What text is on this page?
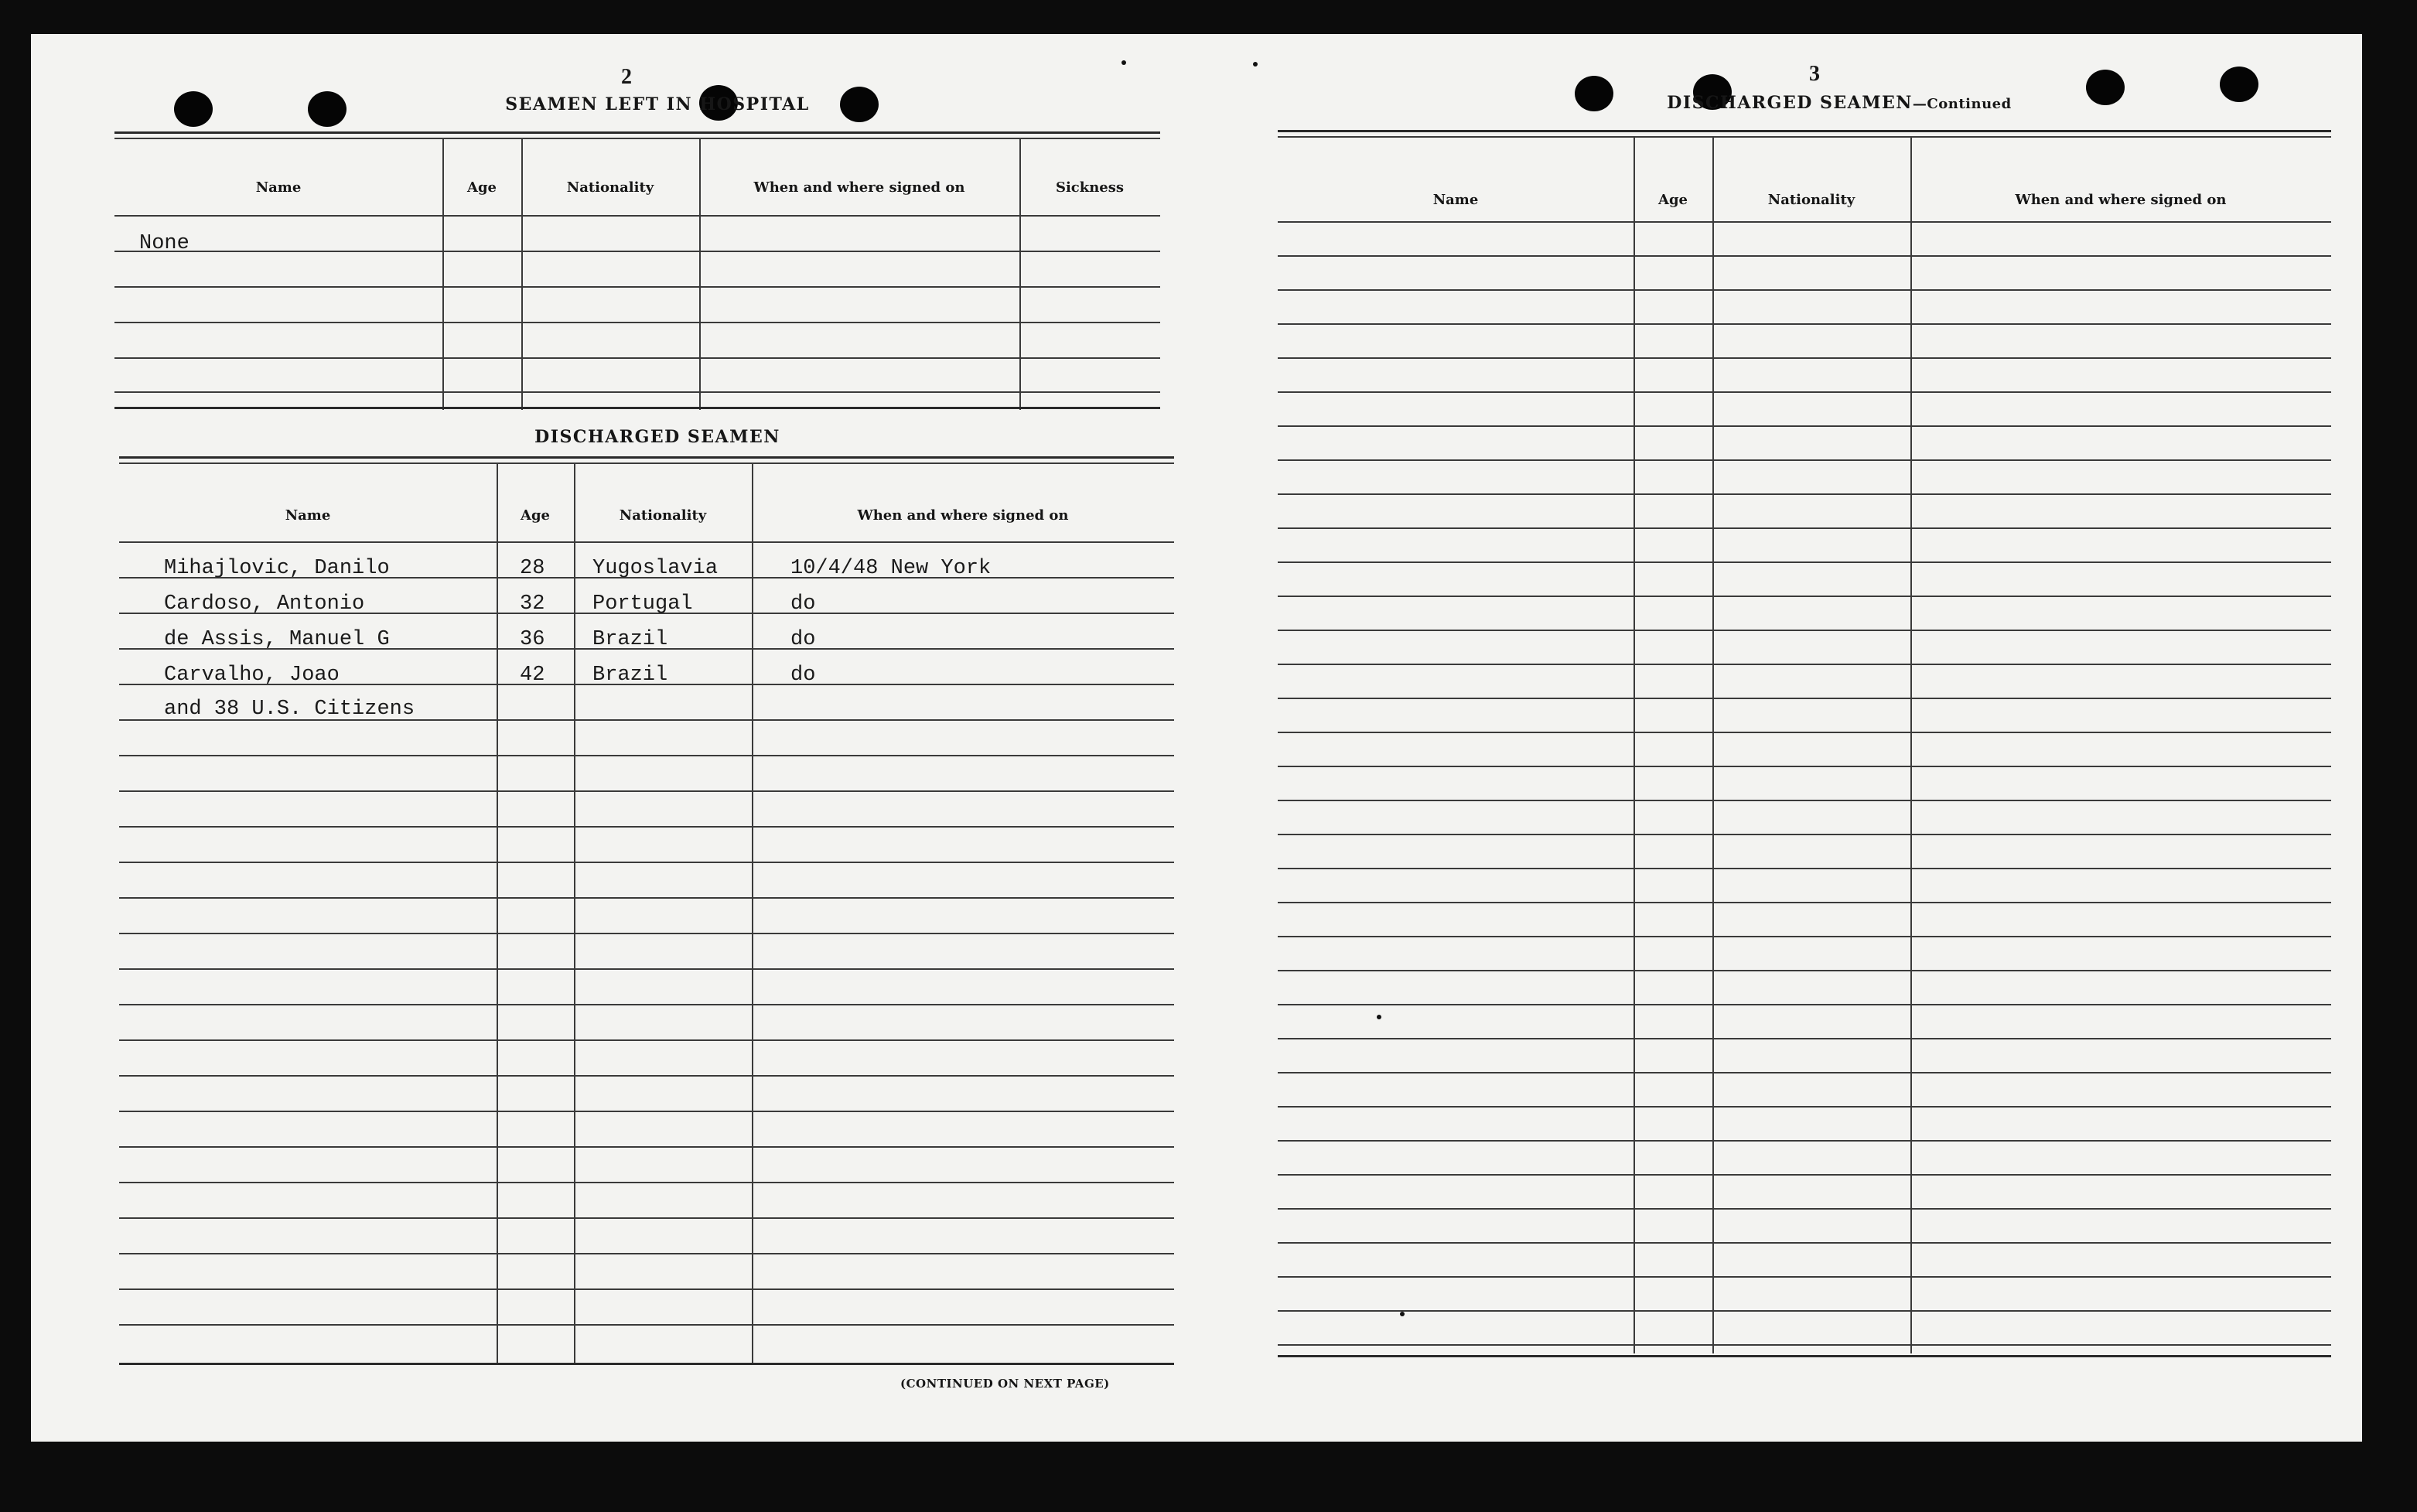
2
SEAMEN LEFT IN HOSPITAL
Name	Age	Nationality	When and where signed on	Sickness
None
DISCHARGED SEAMEN
Name	Age	Nationality	When and where signed on
Mihajlovic, Danilo	28 Yugoslavia	10/4/48 New York
Cardoso, Antonio	32 Portugal	do
de Assis, Manuel G	36 Brazil	do
Carvalho, Joao	42 Brazil	do
and 38 U.S. Citizens
(CONTINUED ON NEXT PAGE)
3
DISCHARGED SEAMEN—Continued
Name	Age	Nationality	When and where signed on
